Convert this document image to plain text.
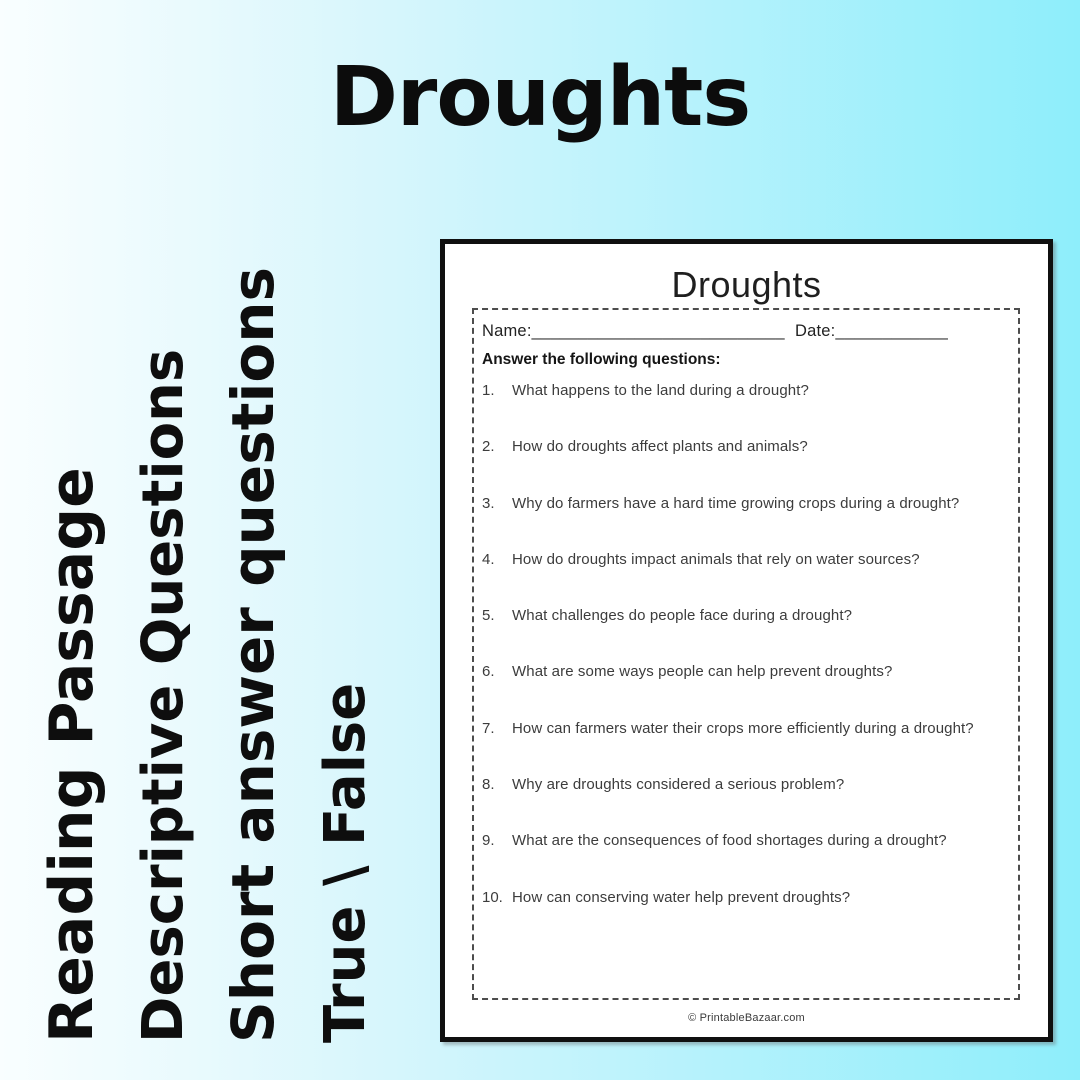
Droughts
Reading Passage Descriptive Questions Short answer questions True \ False
Droughts
Name:___________________________ Date:____________
Answer the following questions:
1.	What happens to the land during a drought?
2.	How do droughts affect plants and animals?
3.	Why do farmers have a hard time growing crops during a drought?
4.	How do droughts impact animals that rely on water sources?
5.	What challenges do people face during a drought?
6.	What are some ways people can help prevent droughts?
7.	How can farmers water their crops more efficiently during a drought?
8.	Why are droughts considered a serious problem?
9.	What are the consequences of food shortages during a drought?
10. How can conserving water help prevent droughts?
© PrintableBazaar.com
